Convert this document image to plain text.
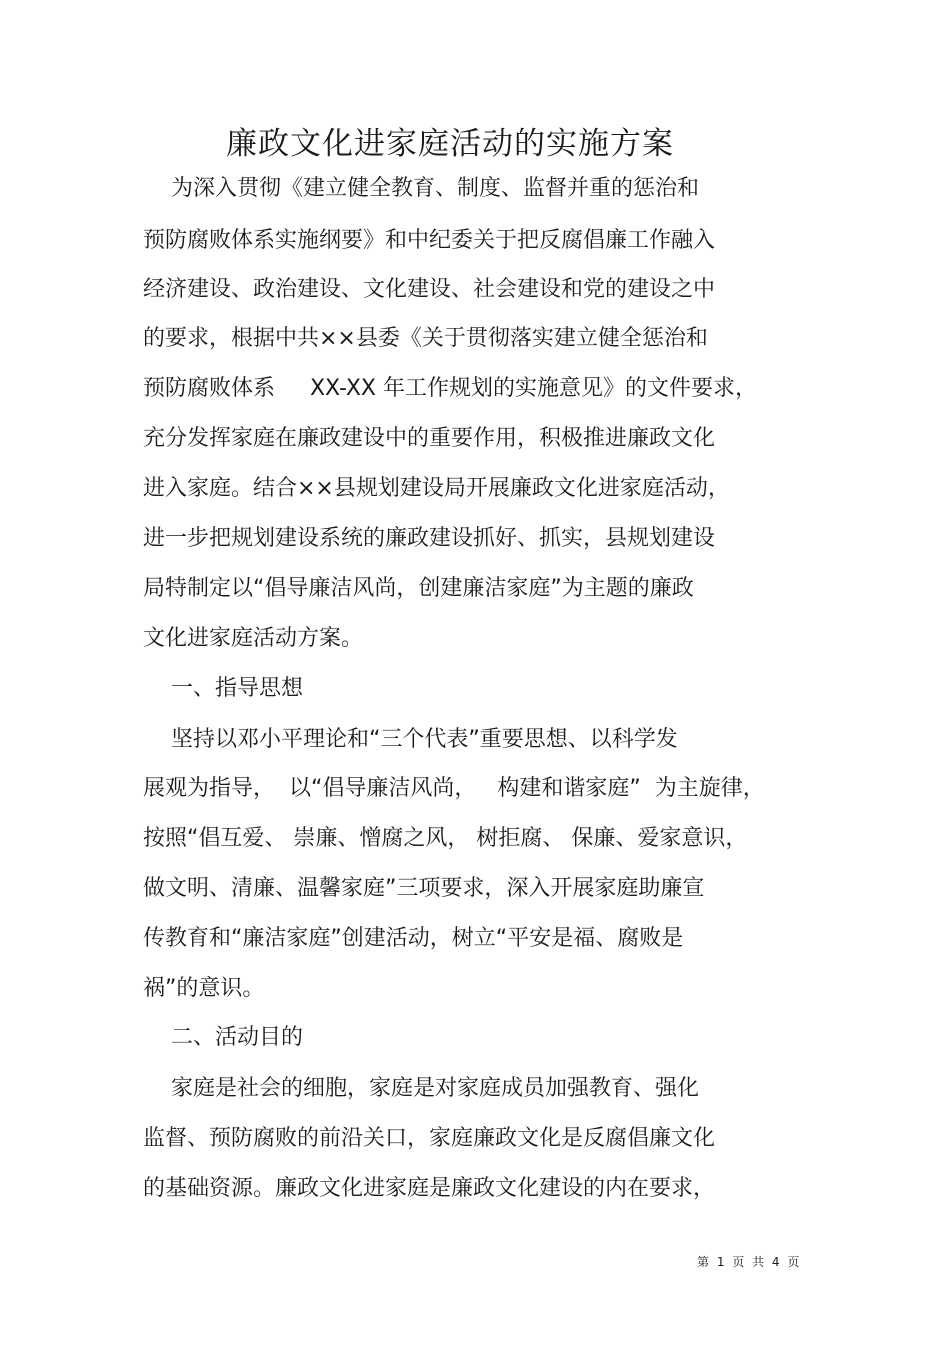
廉政文化进家庭活动的实施方案
为深入贯彻《建立健全教育、制度、监督并重的惩治和
预防腐败体系实施纲要》和中纪委关于把反腐倡廉工作融入
经济建设、政治建设、文化建设、社会建设和党的建设之中
的要求，根据中共××县委《关于贯彻落实建立健全惩治和
预防腐败体系     XX-XX 年工作规划的实施意见》的文件要求，
充分发挥家庭在廉政建设中的重要作用，积极推进廉政文化
进入家庭。结合××县规划建设局开展廉政文化进家庭活动，
进一步把规划建设系统的廉政建设抓好、抓实，县规划建设
局特制定以“倡导廉洁风尚，创建廉洁家庭”为主题的廉政
文化进家庭活动方案。
一、指导思想
坚持以邓小平理论和“三个代表”重要思想、以科学发
展观为指导，  以“倡导廉洁风尚，   构建和谐家庭”  为主旋律，
按照“倡互爱、 崇廉、憎腐之风， 树拒腐、 保廉、爱家意识，
做文明、清廉、温馨家庭”三项要求，深入开展家庭助廉宣
传教育和“廉洁家庭”创建活动，树立“平安是福、腐败是
祸”的意识。
二、活动目的
家庭是社会的细胞，家庭是对家庭成员加强教育、强化
监督、预防腐败的前沿关口，家庭廉政文化是反腐倡廉文化
的基础资源。廉政文化进家庭是廉政文化建设的内在要求，
第 1 页 共 4 页
